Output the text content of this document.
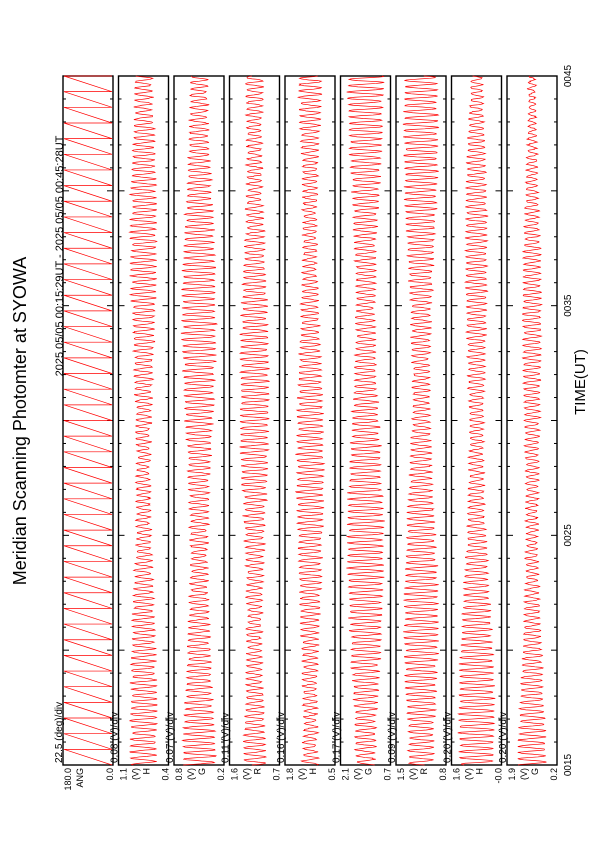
Meridian Scanning Photomter at SYOWA
2025 05/05 00:15:29UT - 2025 05/05 00:45:28UT
TIME(UT)
180.0	0.0
ANG
22.5 (deg)/div
1.1	0.4
(V) H
0.08 (V)/div
0.8	0.2
(V) G
0.07 (V)/div
1.6	0.7
(V) R
0.11 (V)/div
1.8	0.5
(V) H
0.16 (V)/div
2.1	0.7
(V) G
0.17 (V)/div
1.5	0.8
(V) R
0.09 (V)/div
1.6	-0.0
(V) H
0.20 (V)/div
1.9	0.2
(V) G
0.20 (V)/div
0015
0025
0035
0045
